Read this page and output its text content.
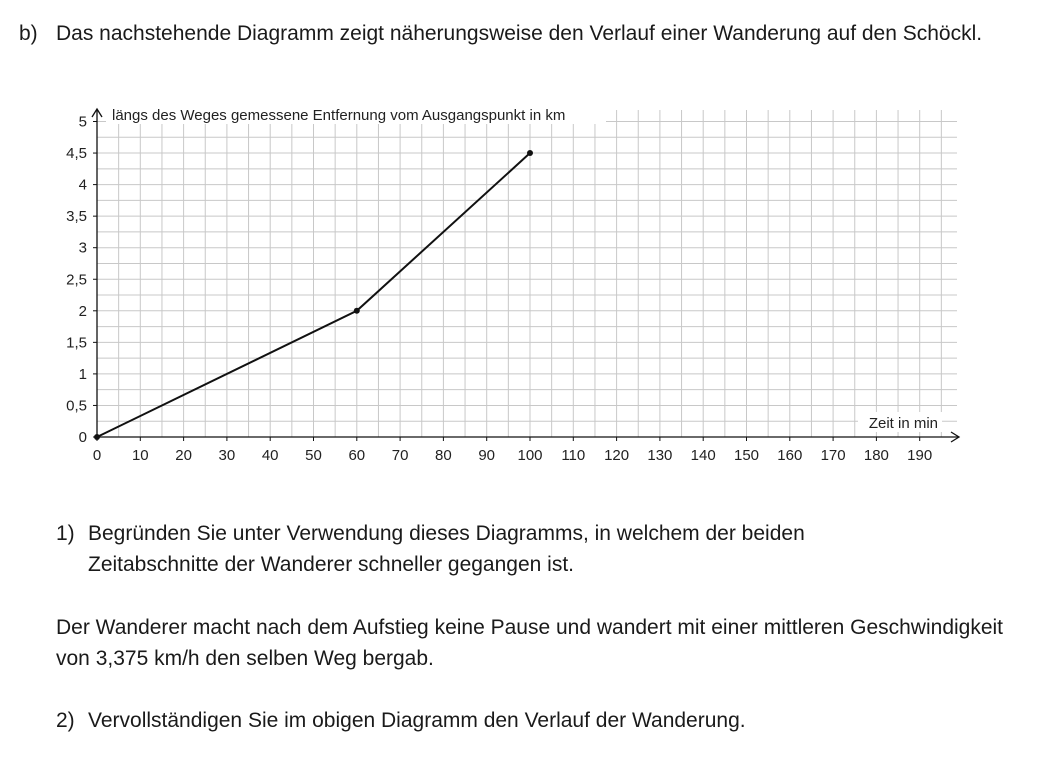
b) Das nachstehende Diagramm zeigt näherungsweise den Verlauf einer Wanderung auf den Schöckl.
0
0,5
1
1,5
2
2,5
3
3,5
4
4,5
5
0 10 20 30 40 50 60 70 80 90 100 110 120 130 140 150 160 170 180 190
längs des Weges gemessene Entfernung vom Ausgangspunkt in km
Zeit in min
1) Begründen Sie unter Verwendung dieses Diagramms, in welchem der beiden Zeitabschnitte der Wanderer schneller gegangen ist.
Der Wanderer macht nach dem Aufstieg keine Pause und wandert mit einer mittleren Geschwindigkeit von 3,375 km/h den selben Weg bergab.
2) Vervollständigen Sie im obigen Diagramm den Verlauf der Wanderung.
